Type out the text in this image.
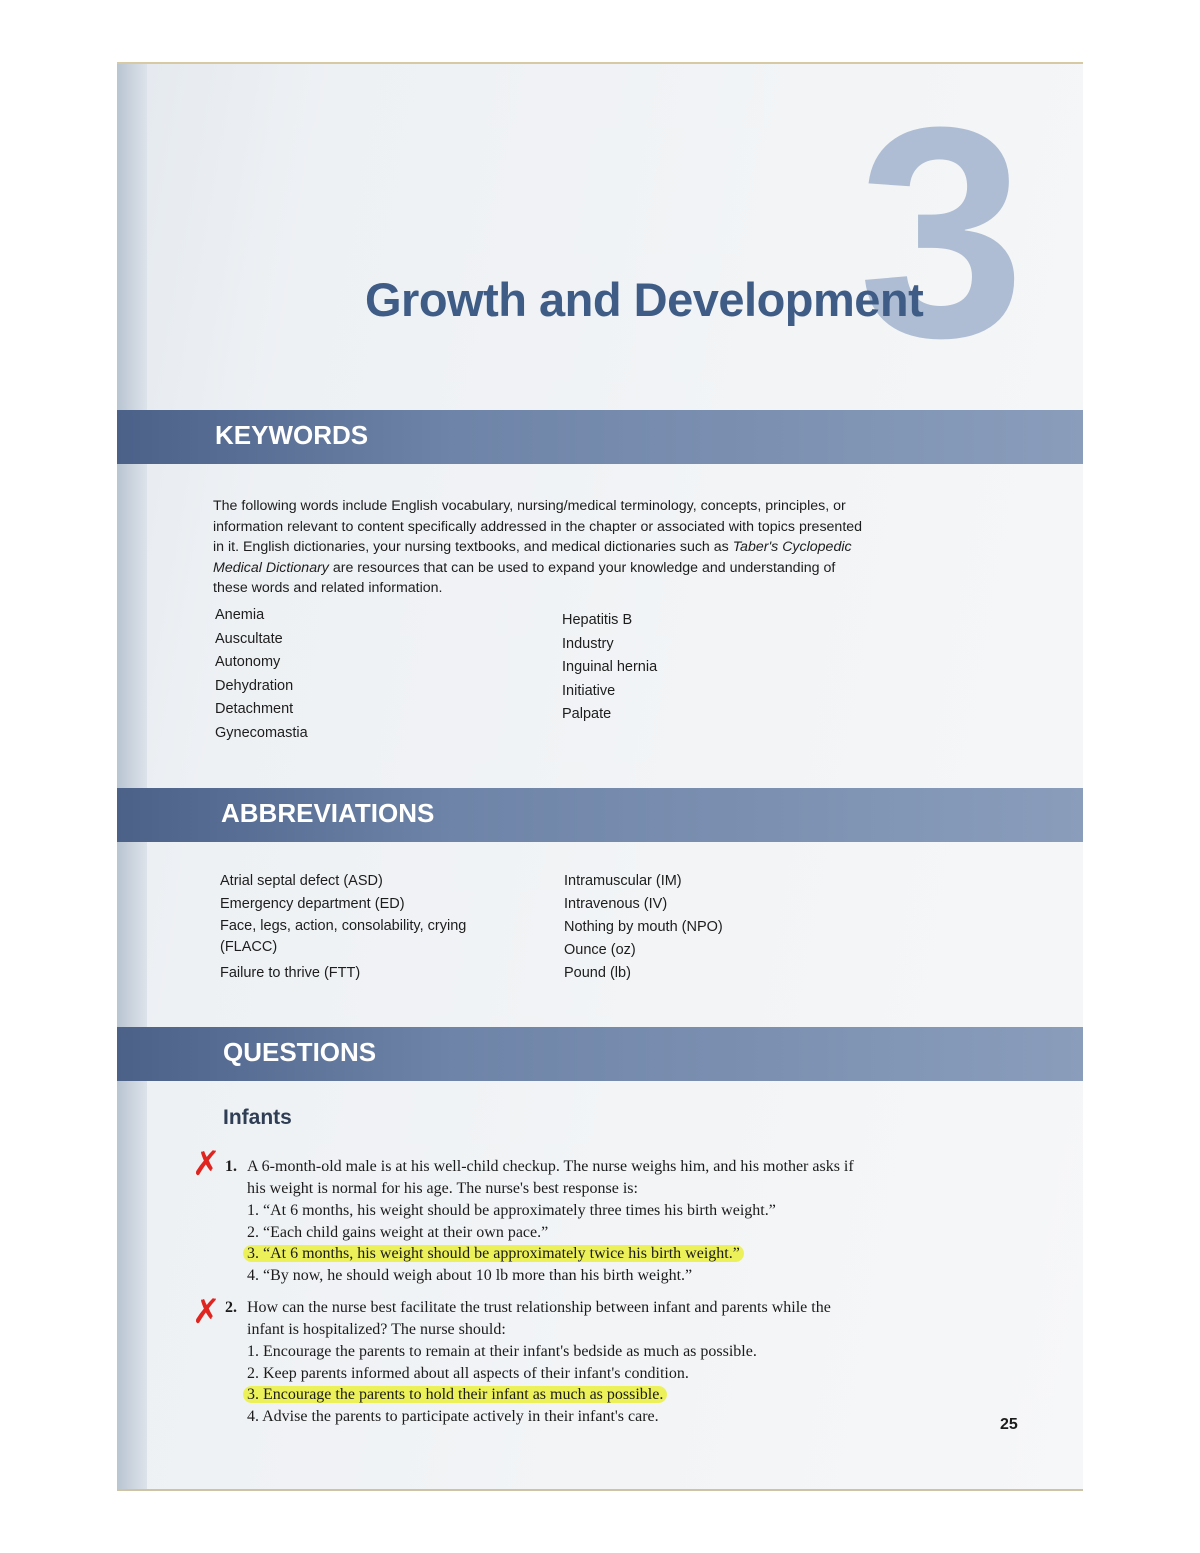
3
Growth and Development
KEYWORDS

The following words include English vocabulary, nursing/medical terminology, concepts, principles, or information relevant to content specifically addressed in the chapter or associated with topics presented in it. English dictionaries, your nursing textbooks, and medical dictionaries such as Taber's Cyclopedic Medical Dictionary are resources that can be used to expand your knowledge and understanding of these words and related information.

Anemia
Auscultate
Autonomy
Dehydration
Detachment
Gynecomastia
Hepatitis B
Industry
Inguinal hernia
Initiative
Palpate
ABBREVIATIONS
Atrial septal defect (ASD)
Emergency department (ED)
Face, legs, action, consolability, crying (FLACC)
Failure to thrive (FTT)
Intramuscular (IM)
Intravenous (IV)
Nothing by mouth (NPO)
Ounce (oz)
Pound (lb)
QUESTIONS
Infants
✗ 1. A 6-month-old male is at his well-child checkup. The nurse weighs him, and his mother asks if his weight is normal for his age. The nurse's best response is:

1. “At 6 months, his weight should be approximately three times his birth weight.”
2. “Each child gains weight at their own pace.”
3. “At 6 months, his weight should be approximately twice his birth weight.”
4. “By now, he should weigh about 10 lb more than his birth weight.”
✗ 2. How can the nurse best facilitate the trust relationship between infant and parents while the infant is hospitalized? The nurse should:

1. Encourage the parents to remain at their infant's bedside as much as possible.
2. Keep parents informed about all aspects of their infant's condition.
3. Encourage the parents to hold their infant as much as possible.
4. Advise the parents to participate actively in their infant's care.	25
